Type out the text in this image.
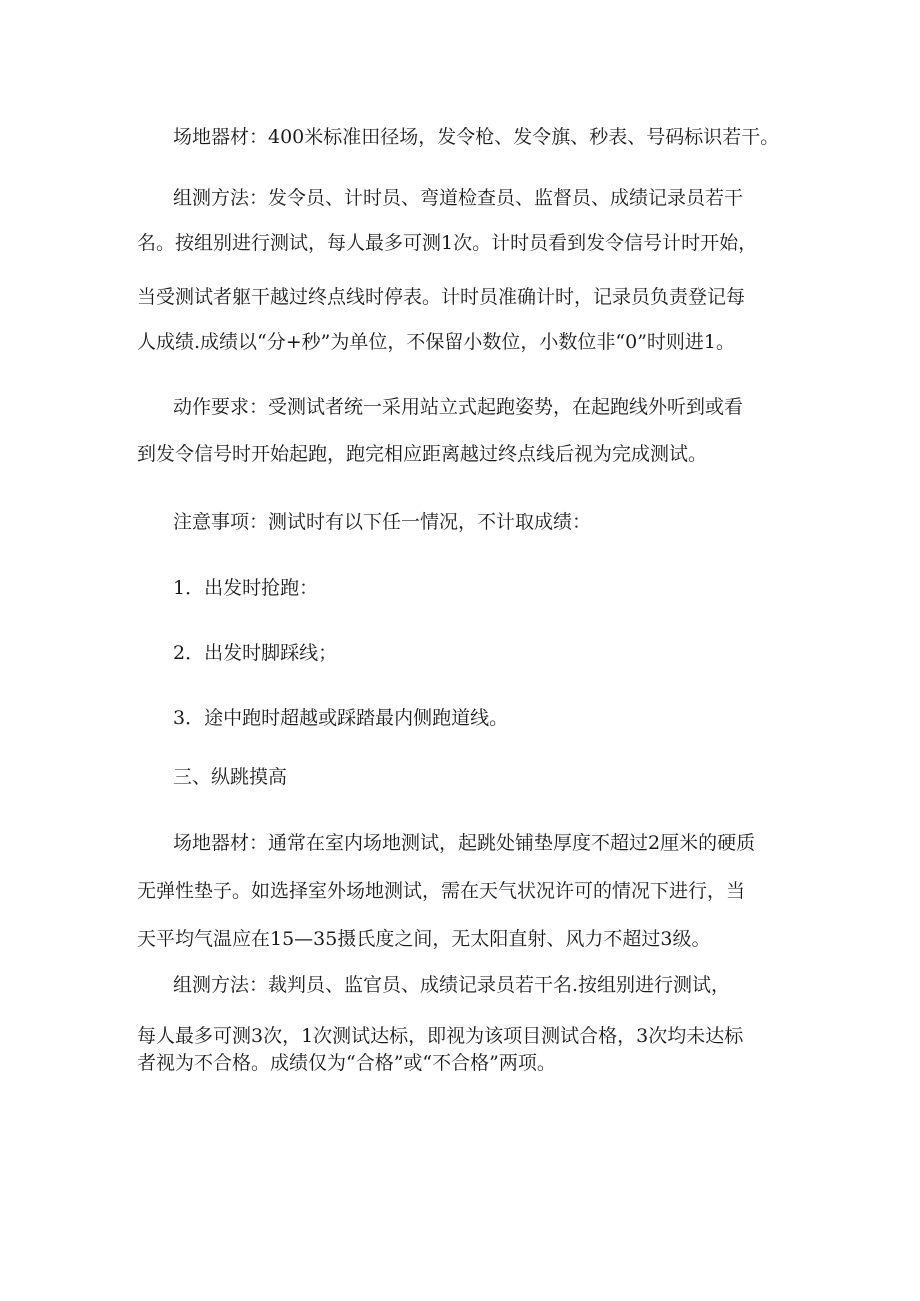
场地器材：400米标准田径场，发令枪、发令旗、秒表、号码标识若干。

组测方法：发令员、计时员、弯道检查员、监督员、成绩记录员若干

名。按组别进行测试，每人最多可测1次。计时员看到发令信号计时开始，

当受测试者躯干越过终点线时停表。计时员准确计时，记录员负责登记每

人成绩.成绩以“分+秒”为单位，不保留小数位，小数位非“0”时则进1。

动作要求：受测试者统一采用站立式起跑姿势，在起跑线外听到或看

到发令信号时开始起跑，跑完相应距离越过终点线后视为完成测试。

注意事项：测试时有以下任一情况，不计取成绩：

1．出发时抢跑：

2．出发时脚踩线；

3．途中跑时超越或踩踏最内侧跑道线。

三、纵跳摸高

场地器材：通常在室内场地测试，起跳处铺垫厚度不超过2厘米的硬质

无弹性垫子。如选择室外场地测试，需在天气状况许可的情况下进行，当

天平均气温应在15—35摄氏度之间，无太阳直射、风力不超过3级。

组测方法：裁判员、监官员、成绩记录员若干名.按组别进行测试，

每人最多可测3次，1次测试达标，即视为该项目测试合格，3次均未达标

者视为不合格。成绩仅为“合格”或“不合格”两项。
